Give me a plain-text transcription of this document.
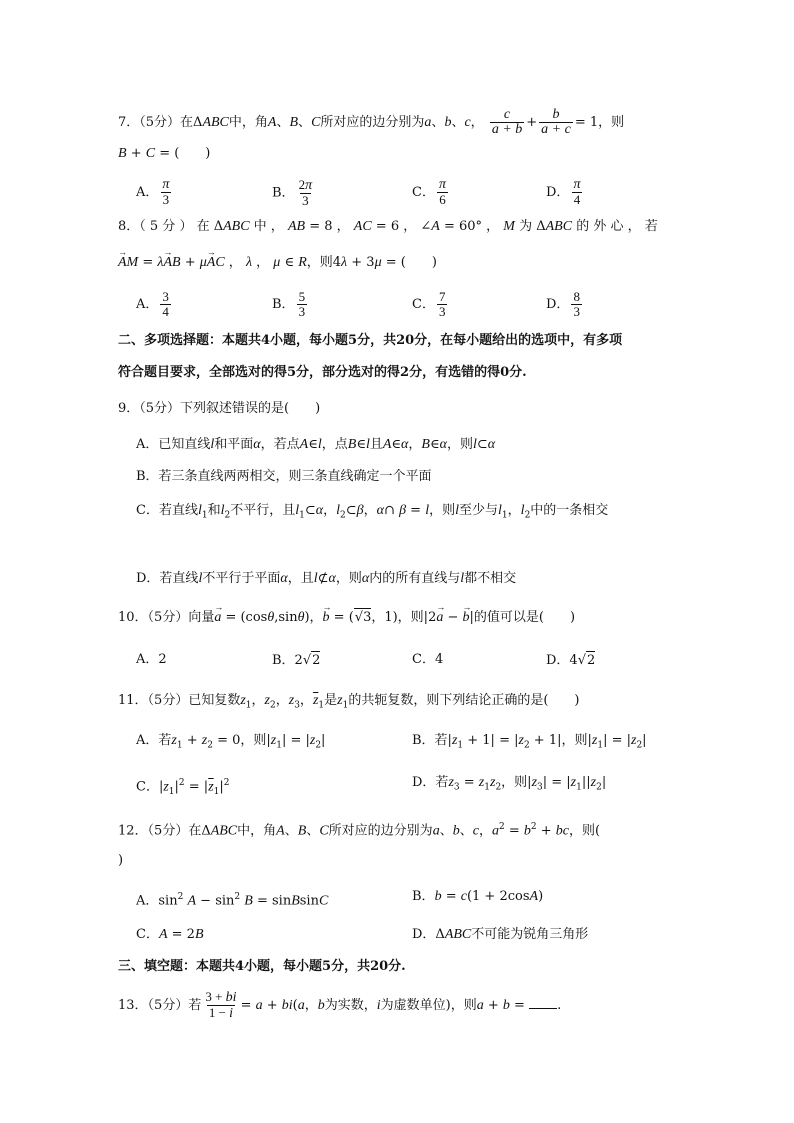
7．（5分）在ΔABC中，角A、B、C所对应的边分别为a、b、c， $\frac{c}{a + b} + \frac{b}{a + c} = 1$，则
B + C = (　　)
A． $\frac{\pi}{3}$	B． $\frac{2\pi}{3}$	C． $\frac{\pi}{6}$	D． $\frac{\pi}{4}$
8．（ 5 分 ） 在 ΔABC 中 ， AB = 8 ， AC = 6 ， ∠A = 60° ， M 为 ΔABC 的 外 心 ， 若
→ AM = λ→ AB + μ→ AC ， λ ， μ ∈ R，则4λ + 3μ = (　　)
A． $\frac{3}{4}$	B． $\frac{5}{3}$	C． $\frac{7}{3}$	D． $\frac{8}{3}$
二、多项选择题：本题共4小题，每小题5分，共20分，在每小题给出的选项中，有多项
符合题目要求，全部选对的得5分，部分选对的得2分，有选错的得0分.
9．（5分）下列叙述错误的是(　　)
A．已知直线l和平面α，若点A∈l，点B∈l且A∈α，B∈α，则l⊂α
B．若三条直线两两相交，则三条直线确定一个平面
C．若直线$l_1$和$l_2$不平行，且$l_1\subset\alpha$，$l_2\subset\beta$，α∩ β = l，则l至少与$l_1$，$l_2$中的一条相交
D．若直线l不平行于平面α，且l⊄α，则α内的所有直线与l都不相交
10．（5分）向量→ a = (cosθ,sinθ)，→ b = (√3，1)，则|2→ a − → b|的值可以是(　　)
A．2	B．2√2	C．4	D．4√2
11．（5分）已知复数$z_1$，$z_2$，$z_3$，$\overline{z}_1$是$z_1$的共轭复数，则下列结论正确的是(　　)
A．若$z_1 + z_2 = 0$，则$|z_1| = |z_2|$	B．若$|z_1 + 1| = |z_2 + 1|$，则$|z_1| = |z_2|$
C．$|z_1|^2 = |\overline{z}_1|^2$	D．若$z_3 = z_1z_2$，则$|z_3| = |z_1||z_2|$
12．（5分）在ΔABC中，角A、B、C所对应的边分别为a、b、c，$a^2 = b^2$ + bc，则(
)
A．$\sin^2 A - \sin^2 B$ = sinBsinC	B．b = c(1 + 2cosA)
C．A = 2B	D．ΔABC不可能为锐角三角形
三、填空题：本题共4小题，每小题5分，共20分.
13．（5分）若 $\frac{3 + bi}{1 - i} = a + bi(a$，b为实数，i为虚数单位)，则a + b = .
